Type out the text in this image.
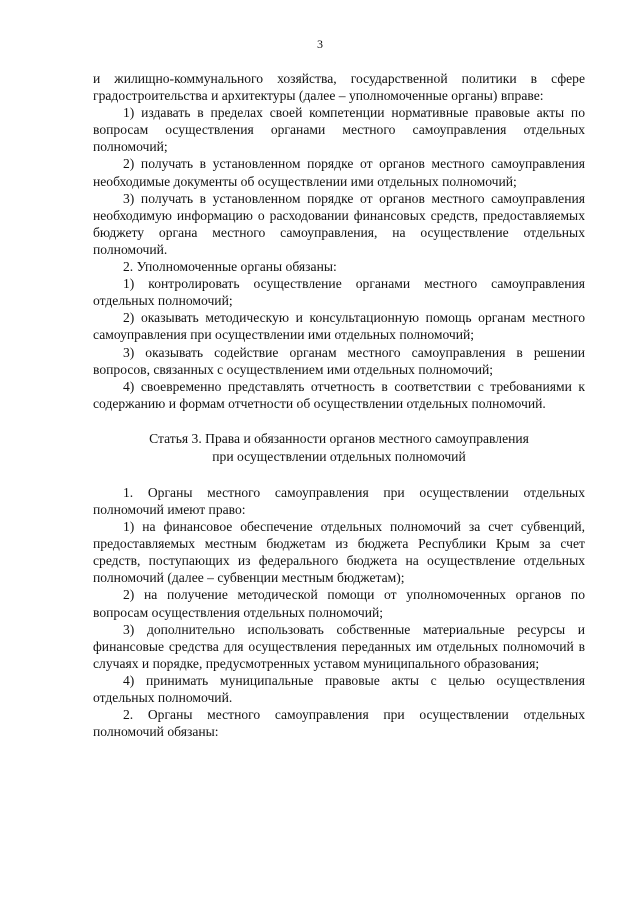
3

и жилищно-коммунального хозяйства, государственной политики в сфере градостроительства и архитектуры (далее – уполномоченные органы) вправе:

1) издавать в пределах своей компетенции нормативные правовые акты по вопросам осуществления органами местного самоуправления отдельных полномочий;

2) получать в установленном порядке от органов местного самоуправления необходимые документы об осуществлении ими отдельных полномочий;

3) получать в установленном порядке от органов местного самоуправления необходимую информацию о расходовании финансовых средств, предоставляемых бюджету органа местного самоуправления, на осуществление отдельных полномочий.

2. Уполномоченные органы обязаны:

1) контролировать осуществление органами местного самоуправления отдельных полномочий;

2) оказывать методическую и консультационную помощь органам местного самоуправления при осуществлении ими отдельных полномочий;

3) оказывать содействие органам местного самоуправления в решении вопросов, связанных с осуществлением ими отдельных полномочий;

4) своевременно представлять отчетность в соответствии с требованиями к содержанию и формам отчетности об осуществлении отдельных полномочий.

Статья 3. Права и обязанности органов местного самоуправления

при осуществлении отдельных полномочий

1. Органы местного самоуправления при осуществлении отдельных полномочий имеют право:

1) на финансовое обеспечение отдельных полномочий за счет субвенций, предоставляемых местным бюджетам из бюджета Республики Крым за счет средств, поступающих из федерального бюджета на осуществление отдельных полномочий (далее – субвенции местным бюджетам);

2) на получение методической помощи от уполномоченных органов по вопросам осуществления отдельных полномочий;

3) дополнительно использовать собственные материальные ресурсы и финансовые средства для осуществления переданных им отдельных полномочий в случаях и порядке, предусмотренных уставом муниципального образования;

4) принимать муниципальные правовые акты с целью осуществления отдельных полномочий.

2. Органы местного самоуправления при осуществлении отдельных полномочий обязаны:
